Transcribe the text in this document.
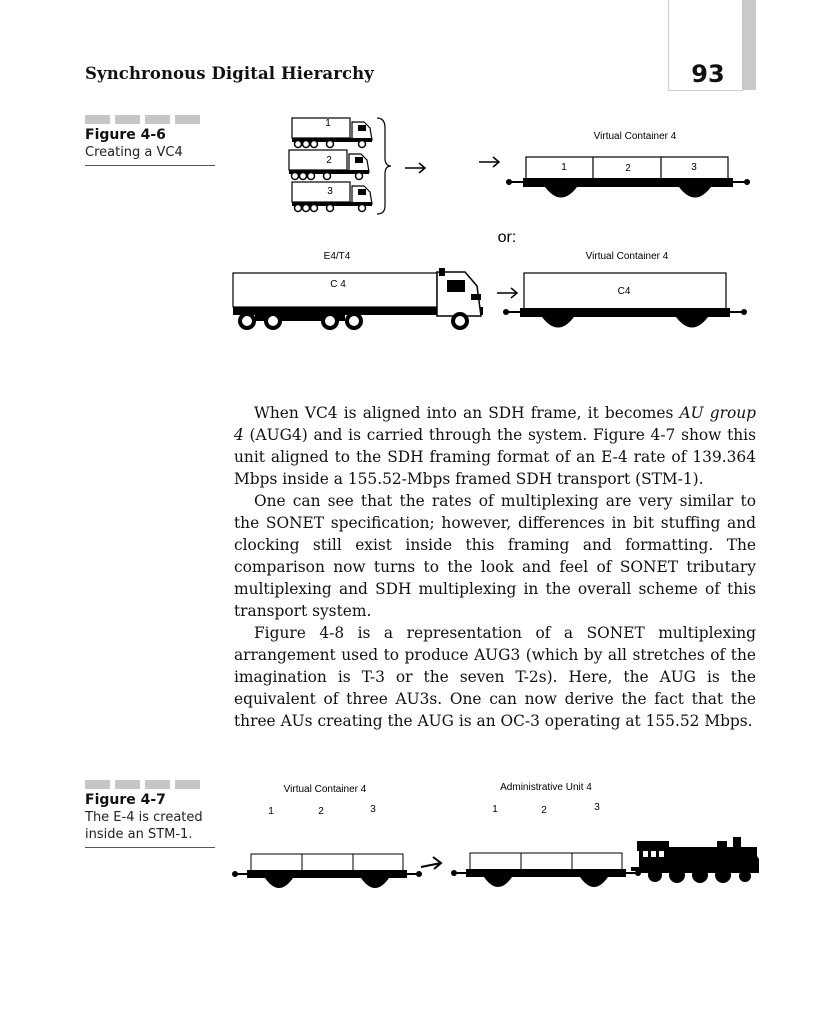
Synchronous Digital Hierarchy	93
Figure 4-6
Creating a VC4
1
2
3
Virtual Container 4
1	2	3
or:
E4/T4
C 4
Virtual Container 4
C4

When VC4 is aligned into an SDH frame, it becomes AU group 4 (AUG4) and is carried through the system. Figure 4-7 show this unit aligned to the SDH framing format of an E-4 rate of 139.364 Mbps inside a 155.52-Mbps framed SDH transport (STM-1).

One can see that the rates of multiplexing are very similar to the SONET specification; however, differences in bit stuffing and clocking still exist inside this framing and formatting. The comparison now turns to the look and feel of SONET tributary multiplexing and SDH multiplexing in the overall scheme of this transport system.

Figure 4-8 is a representation of a SONET multiplexing arrangement used to produce AUG3 (which by all stretches of the imagination is T-3 or the seven T-2s). Here, the AUG is the equivalent of three AU3s. One can now derive the fact that the three AUs creating the AUG is an OC-3 operating at 155.52 Mbps.

Figure 4-7
The E-4 is created
inside an STM-1.
Virtual Container 4
1	2	3
Administrative Unit 4
1	2	3
